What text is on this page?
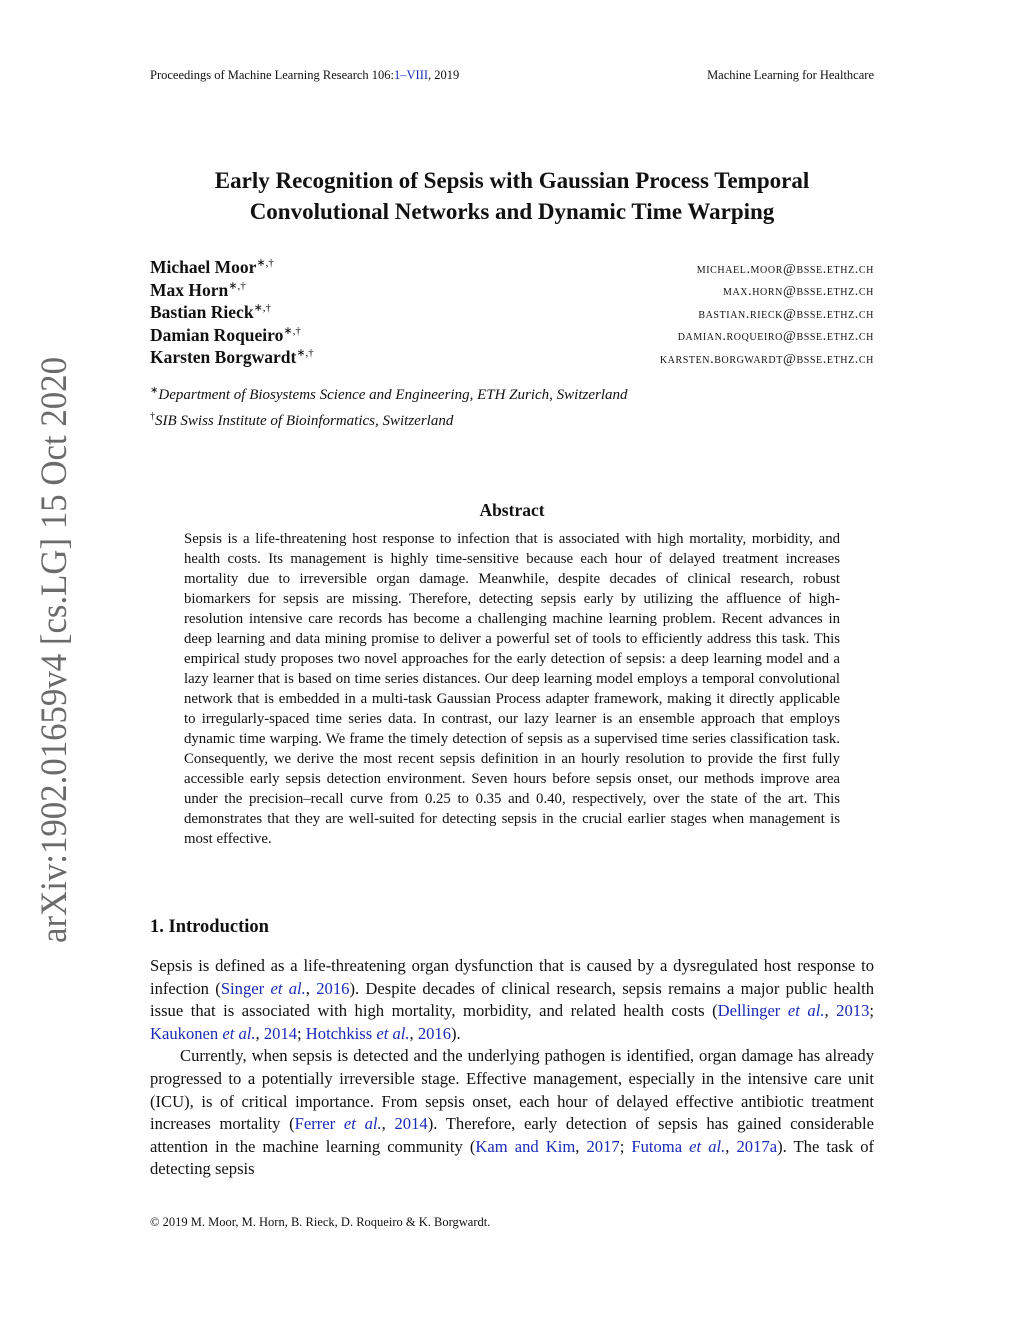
Proceedings of Machine Learning Research 106:1–VIII, 2019	Machine Learning for Healthcare
arXiv:1902.01659v4 [cs.LG] 15 Oct 2020
Early Recognition of Sepsis with Gaussian Process Temporal
Convolutional Networks and Dynamic Time Warping
Michael Moor∗,†	michael.moor@bsse.ethz.ch
Max Horn∗,†	max.horn@bsse.ethz.ch
Bastian Rieck∗,†	bastian.rieck@bsse.ethz.ch
Damian Roqueiro∗,†	damian.roqueiro@bsse.ethz.ch
Karsten Borgwardt∗,†	karsten.borgwardt@bsse.ethz.ch
∗Department of Biosystems Science and Engineering, ETH Zurich, Switzerland
†SIB Swiss Institute of Bioinformatics, Switzerland
Abstract
Sepsis is a life-threatening host response to infection that is associated with high mortality, morbidity, and health costs. Its management is highly time-sensitive because each hour of delayed treatment increases mortality due to irreversible organ damage. Meanwhile, despite decades of clinical research, robust biomarkers for sepsis are missing. Therefore, detecting sepsis early by utilizing the affluence of high-resolution intensive care records has become a challenging machine learning problem. Recent advances in deep learning and data mining promise to deliver a powerful set of tools to efficiently address this task. This empirical study proposes two novel approaches for the early detection of sepsis: a deep learning model and a lazy learner that is based on time series distances. Our deep learning model employs a temporal convolutional network that is embedded in a multi-task Gaussian Process adapter framework, making it directly applicable to irregularly-spaced time series data. In contrast, our lazy learner is an ensemble approach that employs dynamic time warping. We frame the timely detection of sepsis as a supervised time series classification task. Consequently, we derive the most recent sepsis definition in an hourly resolution to provide the first fully accessible early sepsis detection environment. Seven hours before sepsis onset, our methods improve area under the precision–recall curve from 0.25 to 0.35 and 0.40, respectively, over the state of the art. This demonstrates that they are well-suited for detecting sepsis in the crucial earlier stages when management is most effective.
1. Introduction

Sepsis is defined as a life-threatening organ dysfunction that is caused by a dysregulated host response to infection (Singer et al., 2016). Despite decades of clinical research, sepsis remains a major public health issue that is associated with high mortality, morbidity, and related health costs (Dellinger et al., 2013; Kaukonen et al., 2014; Hotchkiss et al., 2016).

Currently, when sepsis is detected and the underlying pathogen is identified, organ damage has already progressed to a potentially irreversible stage. Effective management, especially in the intensive care unit (ICU), is of critical importance. From sepsis onset, each hour of delayed effective antibiotic treatment increases mortality (Ferrer et al., 2014). Therefore, early detection of sepsis has gained considerable attention in the machine learning community (Kam and Kim, 2017; Futoma et al., 2017a). The task of detecting sepsis

© 2019 M. Moor, M. Horn, B. Rieck, D. Roqueiro & K. Borgwardt.
